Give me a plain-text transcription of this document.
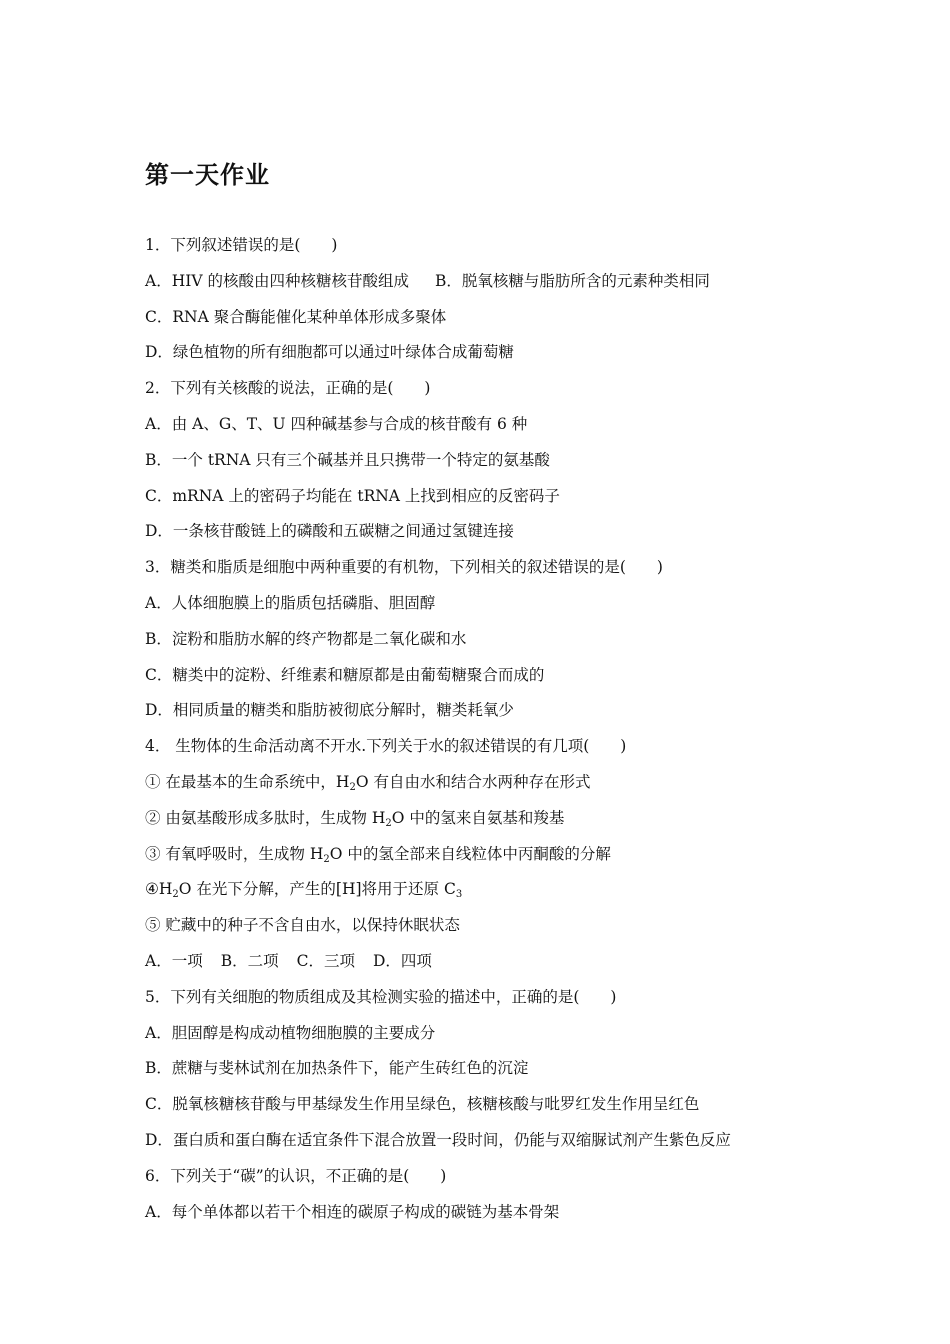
第一天作业
1．下列叙述错误的是(　　)
A．HIV 的核酸由四种核糖核苷酸组成 B．脱氧核糖与脂肪所含的元素种类相同
C．RNA 聚合酶能催化某种单体形成多聚体
D．绿色植物的所有细胞都可以通过叶绿体合成葡萄糖
2．下列有关核酸的说法，正确的是(　　)
A．由 A、G、T、U 四种碱基参与合成的核苷酸有 6 种
B．一个 tRNA 只有三个碱基并且只携带一个特定的氨基酸
C．mRNA 上的密码子均能在 tRNA 上找到相应的反密码子
D．一条核苷酸链上的磷酸和五碳糖之间通过氢键连接
3．糖类和脂质是细胞中两种重要的有机物，下列相关的叙述错误的是(　　)
A．人体细胞膜上的脂质包括磷脂、胆固醇
B．淀粉和脂肪水解的终产物都是二氧化碳和水
C．糖类中的淀粉、纤维素和糖原都是由葡萄糖聚合而成的
D．相同质量的糖类和脂肪被彻底分解时，糖类耗氧少
4． 生物体的生命活动离不开水.下列关于水的叙述错误的有几项(　　)
① 在最基本的生命系统中，$H_2O$ 有自由水和结合水两种存在形式
② 由氨基酸形成多肽时，生成物 $H_2O$ 中的氢来自氨基和羧基
③ 有氧呼吸时，生成物 $H_2O$ 中的氢全部来自线粒体中丙酮酸的分解
$④H_2O$ 在光下分解，产生的[H]将用于还原 $C_3$
⑤ 贮藏中的种子不含自由水，以保持休眠状态
A．一项 B．二项 C．三项 D．四项
5．下列有关细胞的物质组成及其检测实验的描述中，正确的是(　　)
A．胆固醇是构成动植物细胞膜的主要成分
B．蔗糖与斐林试剂在加热条件下，能产生砖红色的沉淀
C．脱氧核糖核苷酸与甲基绿发生作用呈绿色，核糖核酸与吡罗红发生作用呈红色
D．蛋白质和蛋白酶在适宜条件下混合放置一段时间，仍能与双缩脲试剂产生紫色反应
6．下列关于“碳”的认识，不正确的是(　　)
A．每个单体都以若干个相连的碳原子构成的碳链为基本骨架
